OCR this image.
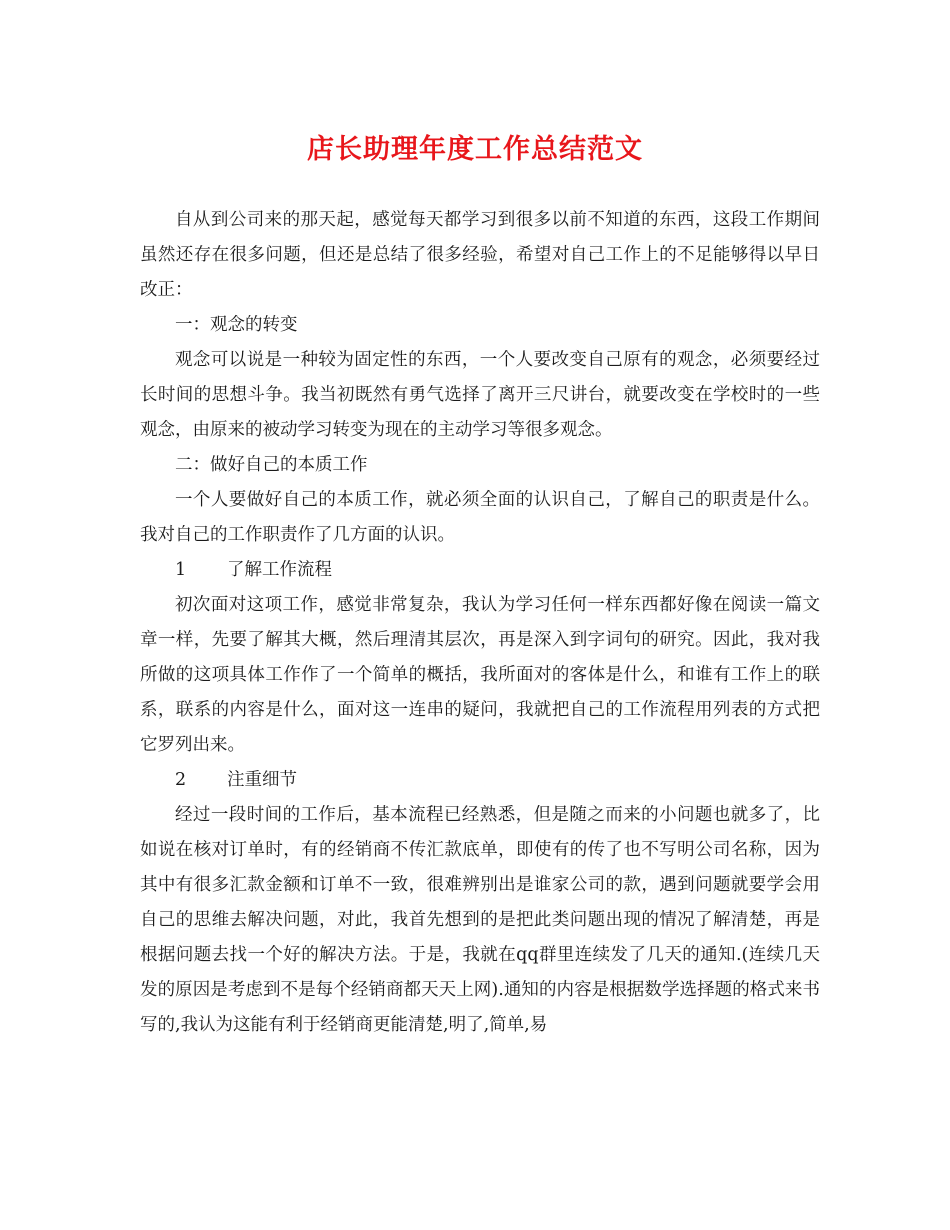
店长助理年度工作总结范文

自从到公司来的那天起，感觉每天都学习到很多以前不知道的东西，这段工作期间虽然还存在很多问题，但还是总结了很多经验，希望对自己工作上的不足能够得以早日改正：

一：观念的转变

观念可以说是一种较为固定性的东西，一个人要改变自己原有的观念，必须要经过长时间的思想斗争。我当初既然有勇气选择了离开三尺讲台，就要改变在学校时的一些观念，由原来的被动学习转变为现在的主动学习等很多观念。

二：做好自己的本质工作

一个人要做好自己的本质工作，就必须全面的认识自己，了解自己的职责是什么。我对自己的工作职责作了几方面的认识。

1 了解工作流程

初次面对这项工作，感觉非常复杂，我认为学习任何一样东西都好像在阅读一篇文章一样，先要了解其大概，然后理清其层次，再是深入到字词句的研究。因此，我对我所做的这项具体工作作了一个简单的概括，我所面对的客体是什么，和谁有工作上的联系，联系的内容是什么，面对这一连串的疑问，我就把自己的工作流程用列表的方式把它罗列出来。

2 注重细节

经过一段时间的工作后，基本流程已经熟悉，但是随之而来的小问题也就多了，比如说在核对订单时，有的经销商不传汇款底单，即使有的传了也不写明公司名称，因为其中有很多汇款金额和订单不一致，很难辨别出是谁家公司的款，遇到问题就要学会用自己的思维去解决问题，对此，我首先想到的是把此类问题出现的情况了解清楚，再是根据问题去找一个好的解决方法。于是，我就在qq群里连续发了几天的通知.(连续几天发的原因是考虑到不是每个经销商都天天上网).通知的内容是根据数学选择题的格式来书写的,我认为这能有利于经销商更能清楚,明了,简单,易
